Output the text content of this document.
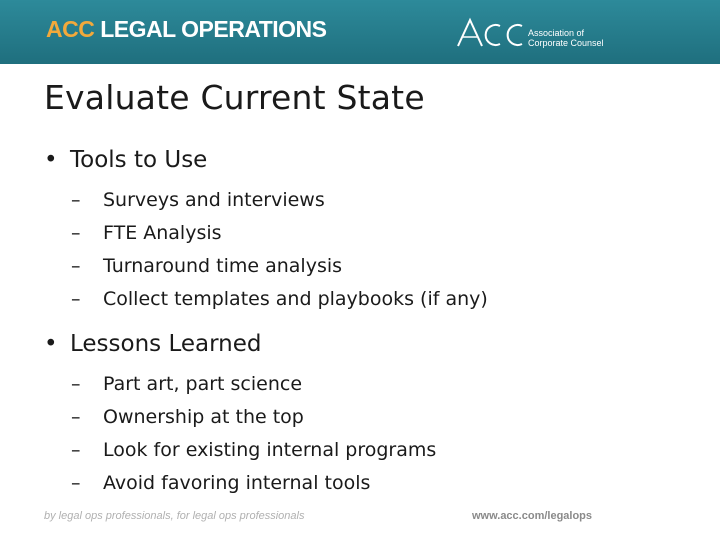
ACC LEGAL OPERATIONS	Association of
Corporate Counsel
Evaluate Current State
• Tools to Use
–	Surveys and interviews
–	FTE Analysis
–	Turnaround time analysis
–	Collect templates and playbooks (if any)
• Lessons Learned
–	Part art, part science
–	Ownership at the top
–	Look for existing internal programs
–	Avoid favoring internal tools
by legal ops professionals, for legal ops professionals	www.acc.com/legalops
